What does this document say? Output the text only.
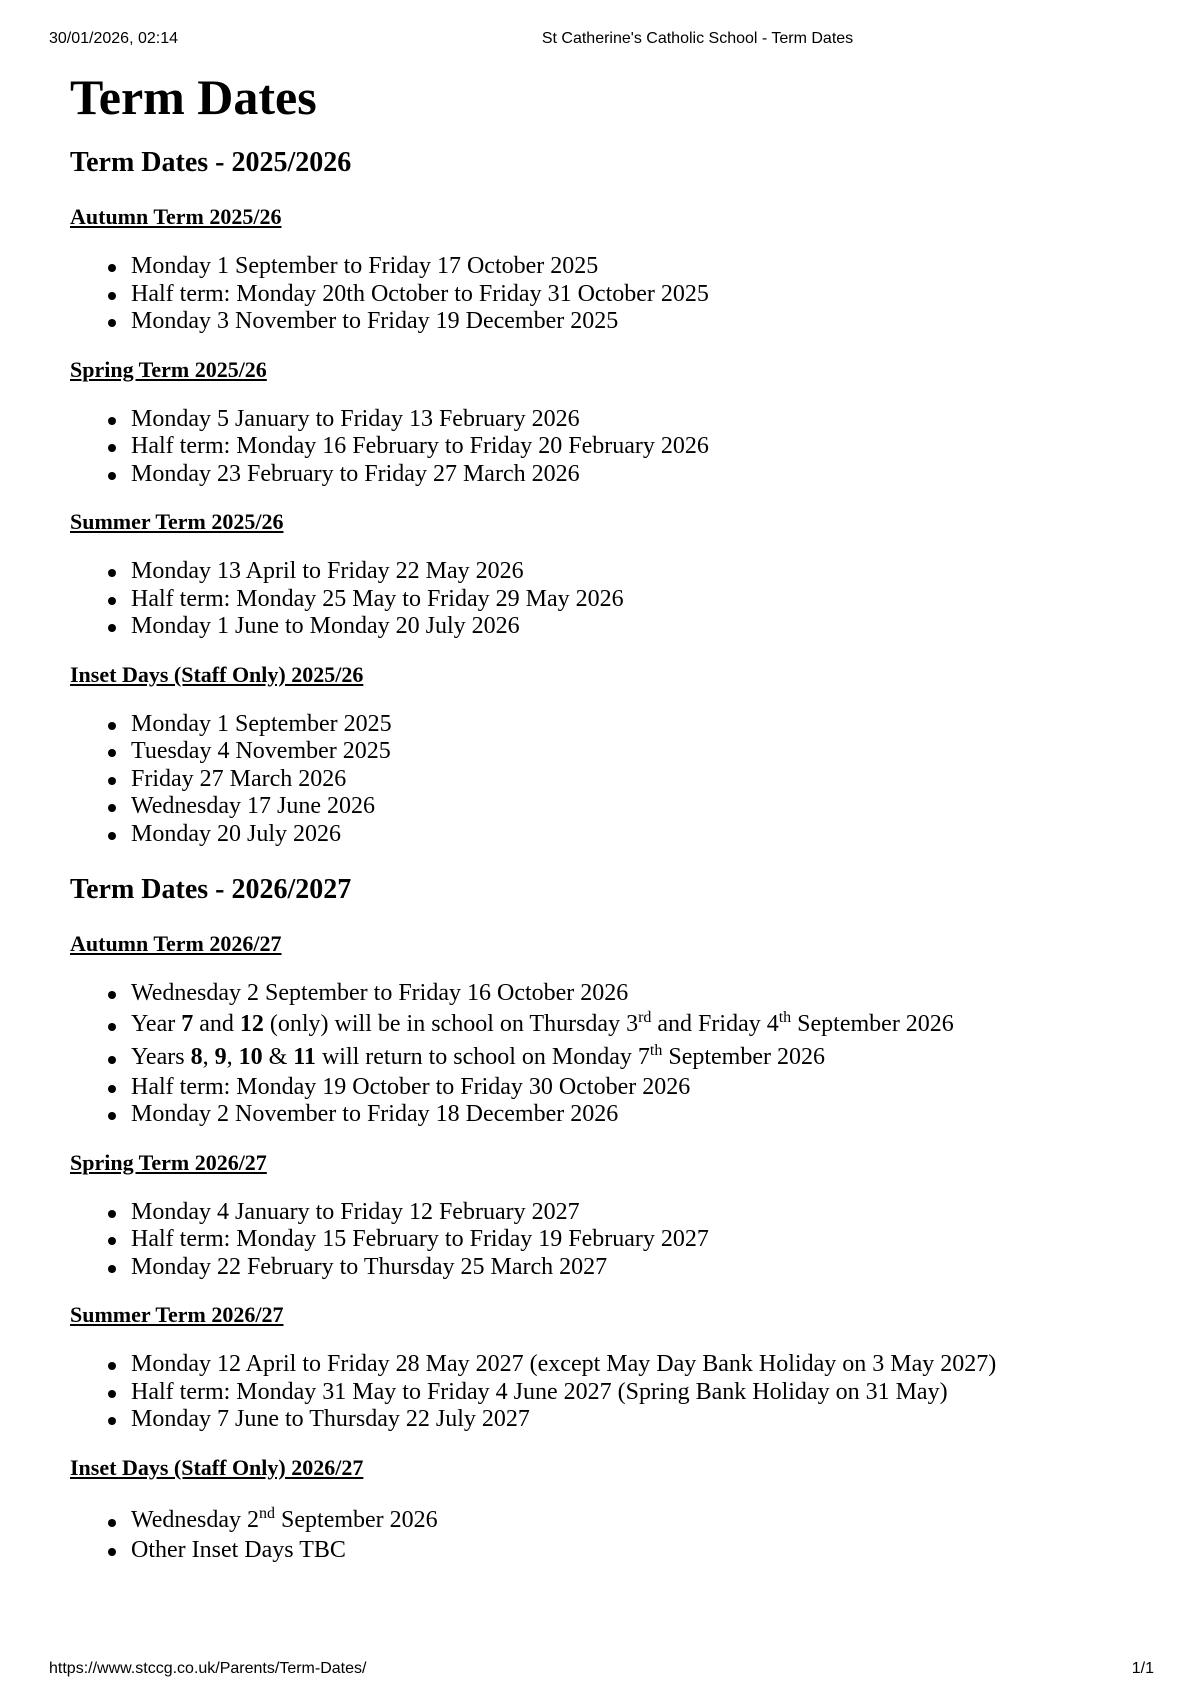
30/01/2026, 02:14	St Catherine's Catholic School - Term Dates
Term Dates
Term Dates - 2025/2026
Autumn Term 2025/26
Monday 1 September to Friday 17 October 2025
Half term: Monday 20th October to Friday 31 October 2025
Monday 3 November to Friday 19 December 2025
Spring Term 2025/26
Monday 5 January to Friday 13 February 2026
Half term: Monday 16 February to Friday 20 February 2026
Monday 23 February to Friday 27 March 2026
Summer Term 2025/26
Monday 13 April to Friday 22 May 2026
Half term: Monday 25 May to Friday 29 May 2026
Monday 1 June to Monday 20 July 2026
Inset Days (Staff Only) 2025/26
Monday 1 September 2025
Tuesday 4 November 2025
Friday 27 March 2026
Wednesday 17 June 2026
Monday 20 July 2026
Term Dates - 2026/2027
Autumn Term 2026/27
Wednesday 2 September to Friday 16 October 2026
Year 7 and 12 (only) will be in school on Thursday 3rd and Friday 4th September 2026
Years 8, 9, 10 & 11 will return to school on Monday 7th September 2026
Half term: Monday 19 October to Friday 30 October 2026
Monday 2 November to Friday 18 December 2026
Spring Term 2026/27
Monday 4 January to Friday 12 February 2027
Half term: Monday 15 February to Friday 19 February 2027
Monday 22 February to Thursday 25 March 2027
Summer Term 2026/27
Monday 12 April to Friday 28 May 2027 (except May Day Bank Holiday on 3 May 2027)
Half term: Monday 31 May to Friday 4 June 2027 (Spring Bank Holiday on 31 May)
Monday 7 June to Thursday 22 July 2027
Inset Days (Staff Only) 2026/27
Wednesday 2nd September 2026
Other Inset Days TBC
https://www.stccg.co.uk/Parents/Term-Dates/	1/1
